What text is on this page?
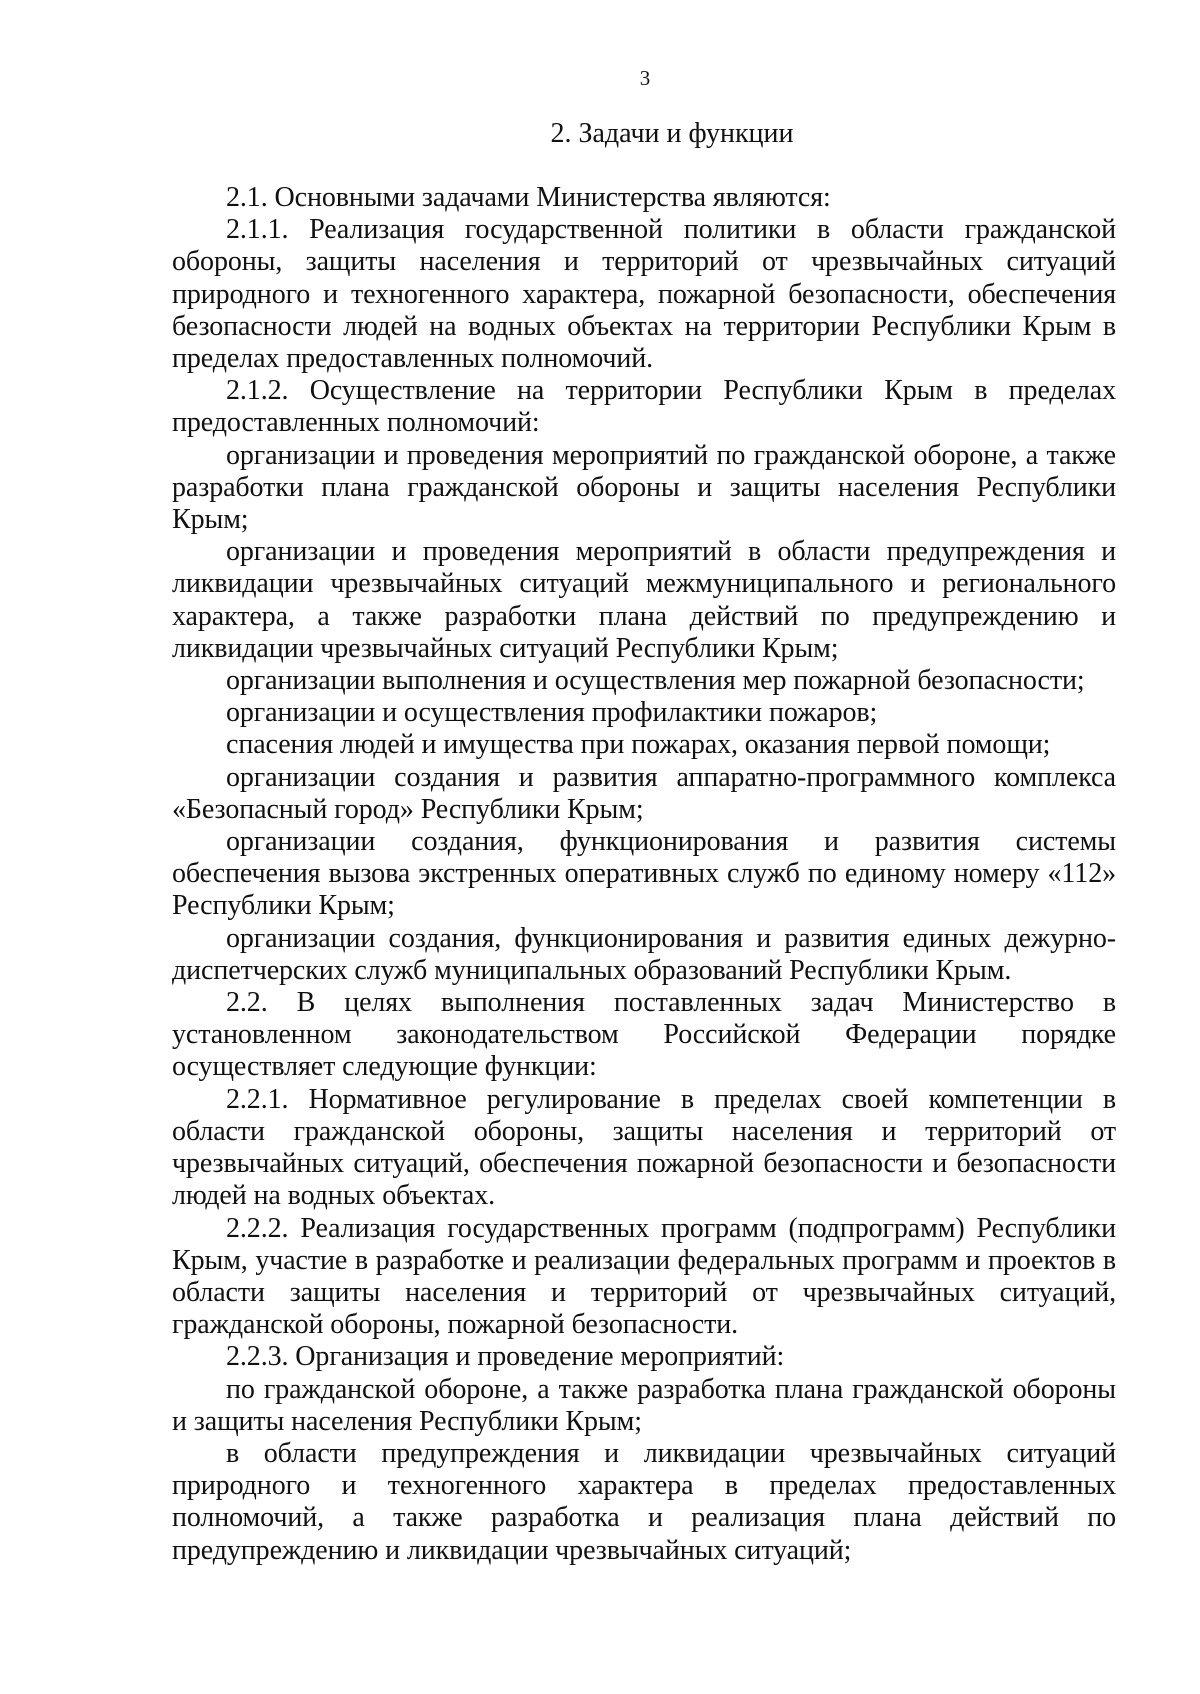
3
2. Задачи и функции

2.1. Основными задачами Министерства являются:

2.1.1. Реализация государственной политики в области гражданской обороны, защиты населения и территорий от чрезвычайных ситуаций природного и техногенного характера, пожарной безопасности, обеспечения безопасности людей на водных объектах на территории Республики Крым в пределах предоставленных полномочий.

2.1.2. Осуществление на территории Республики Крым в пределах предоставленных полномочий:

организации и проведения мероприятий по гражданской обороне, а также разработки плана гражданской обороны и защиты населения Республики Крым;

организации и проведения мероприятий в области предупреждения и ликвидации чрезвычайных ситуаций межмуниципального и регионального характера, а также разработки плана действий по предупреждению и ликвидации чрезвычайных ситуаций Республики Крым;

организации выполнения и осуществления мер пожарной безопасности;

организации и осуществления профилактики пожаров;

спасения людей и имущества при пожарах, оказания первой помощи;

организации создания и развития аппаратно-программного комплекса «Безопасный город» Республики Крым;

организации создания, функционирования и развития системы обеспечения вызова экстренных оперативных служб по единому номеру «112» Республики Крым;

организации создания, функционирования и развития единых дежурно-диспетчерских служб муниципальных образований Республики Крым.

2.2. В целях выполнения поставленных задач Министерство в установленном законодательством Российской Федерации порядке осуществляет следующие функции:

2.2.1. Нормативное регулирование в пределах своей компетенции в области гражданской обороны, защиты населения и территорий от чрезвычайных ситуаций, обеспечения пожарной безопасности и безопасности людей на водных объектах.

2.2.2. Реализация государственных программ (подпрограмм) Республики Крым, участие в разработке и реализации федеральных программ и проектов в области защиты населения и территорий от чрезвычайных ситуаций, гражданской обороны, пожарной безопасности.

2.2.3. Организация и проведение мероприятий:

по гражданской обороне, а также разработка плана гражданской обороны и защиты населения Республики Крым;

в области предупреждения и ликвидации чрезвычайных ситуаций природного и техногенного характера в пределах предоставленных полномочий, а также разработка и реализация плана действий по предупреждению и ликвидации чрезвычайных ситуаций;
